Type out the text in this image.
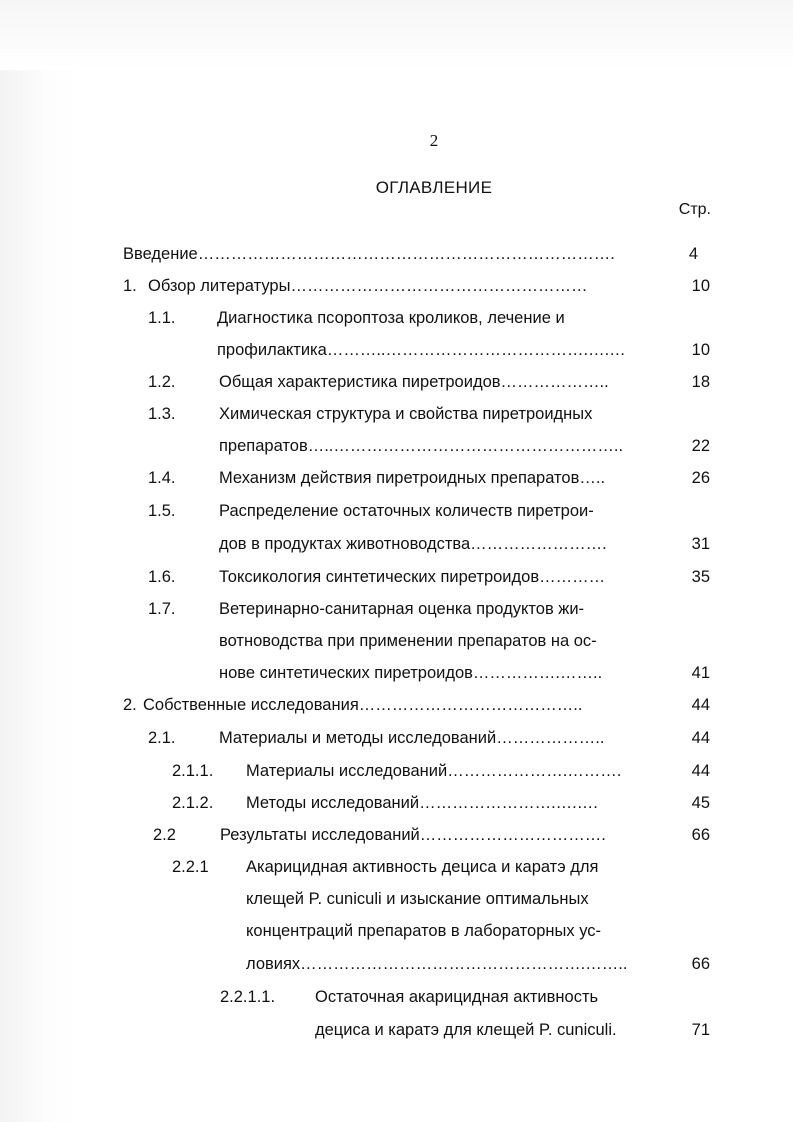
2
ОГЛАВЛЕНИЕ
Стр.
Введение………………………………………………………………….	4
1. Обзор литературы………………………………………………	10
1.1.	Диагностика псороптоза кроликов, лечение и
профилактика………..……………………………….….…	10
1.2.	Общая характеристика пиретроидов………………..	18
1.3.	Химическая структура и свойства пиретроидных
препаратов…..……………………………………………..	22
1.4.	Механизм действия пиретроидных препаратов…..	26
1.5.	Распределение остаточных количеств пиретрои-
дов в продуктах животноводства…………………….	31
1.6.	Токсикология синтетических пиретроидов…………	35
1.7.	Ветеринарно-санитарная оценка продуктов жи-
вотноводства при применении препаратов на ос-
нове синтетических пиретроидов…………….……..	41
2. Собственные исследования…………………………………..	44
2.1.	Материалы и методы исследований………………..	44
2.1.1. Материалы исследований………………….……….	44
2.1.2. Методы исследований…………………….….….	45
2.2	Результаты исследований…………………………….	66
2.2.1 Акарицидная активность дециса и каратэ для
клещей P. cuniculi и изыскание оптимальных
концентраций препаратов в лабораторных ус-
ловиях…………………………………………….……..	66
2.2.1.1. Остаточная акарицидная активность
дециса и каратэ для клещей P. cuniculi.	71
